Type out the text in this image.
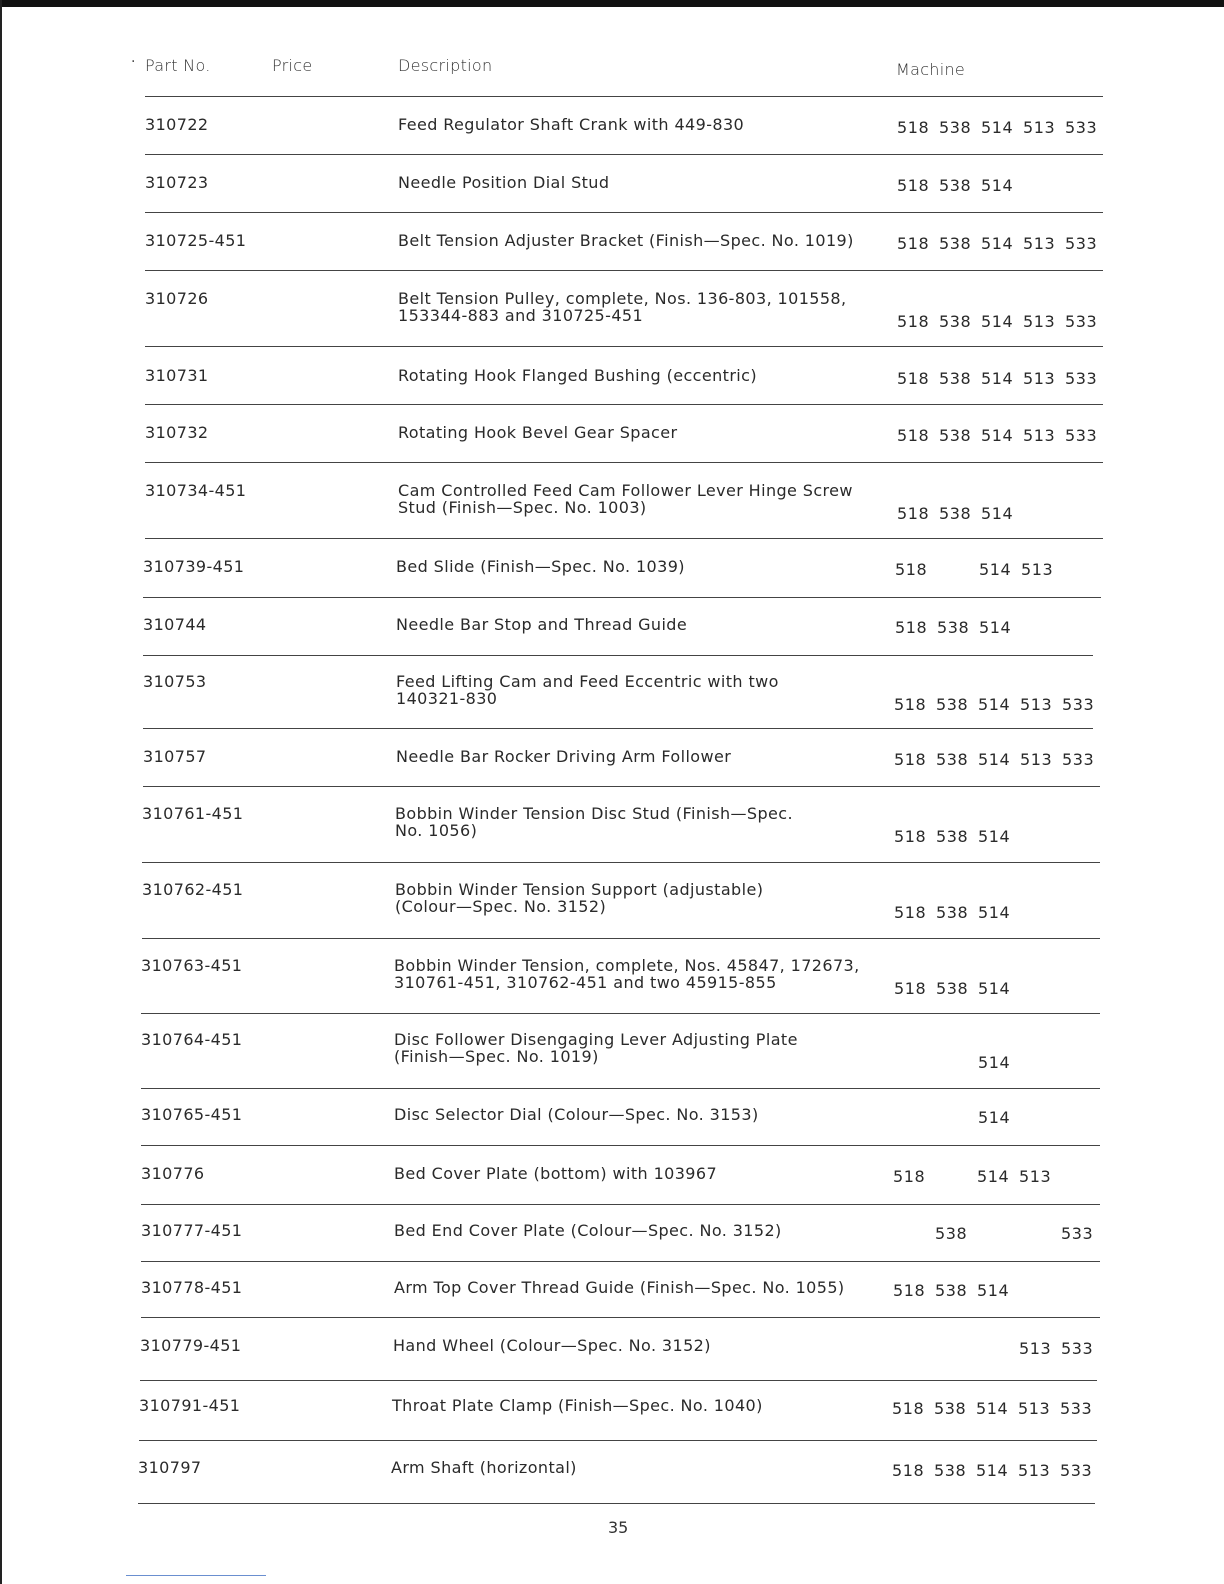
· Part No.	Price	Description	Machine
310722	Feed Regulator Shaft Crank with 449-830	518 538 514 513 533
310723	Needle Position Dial Stud	518 538 514
310725-451	Belt Tension Adjuster Bracket (Finish—Spec. No. 1019)	518 538 514 513 533
310726	Belt Tension Pulley, complete, Nos. 136-803, 101558,
153344-883 and 310725-451	518 538 514 513 533
310731	Rotating Hook Flanged Bushing (eccentric)	518 538 514 513 533
310732	Rotating Hook Bevel Gear Spacer	518 538 514 513 533
310734-451	Cam Controlled Feed Cam Follower Lever Hinge Screw
Stud (Finish—Spec. No. 1003)	518 538 514
310739-451	Bed Slide (Finish—Spec. No. 1039)	518	514 513
310744	Needle Bar Stop and Thread Guide	518 538 514
310753	Feed Lifting Cam and Feed Eccentric with two
140321-830	518 538 514 513 533
310757	Needle Bar Rocker Driving Arm Follower	518 538 514 513 533
310761-451	Bobbin Winder Tension Disc Stud (Finish—Spec.
No. 1056)	518 538 514
310762-451	Bobbin Winder Tension Support (adjustable)
(Colour—Spec. No. 3152)	518 538 514
310763-451	Bobbin Winder Tension, complete, Nos. 45847, 172673,
310761-451, 310762-451 and two 45915-855	518 538 514
310764-451	Disc Follower Disengaging Lever Adjusting Plate
(Finish—Spec. No. 1019)	514
310765-451	Disc Selector Dial (Colour—Spec. No. 3153)	514
310776	Bed Cover Plate (bottom) with 103967	518	514 513
310777-451	Bed End Cover Plate (Colour—Spec. No. 3152)	538	533
310778-451	Arm Top Cover Thread Guide (Finish—Spec. No. 1055)	518 538 514
310779-451	Hand Wheel (Colour—Spec. No. 3152)	513 533
310791-451	Throat Plate Clamp (Finish—Spec. No. 1040)	518 538 514 513 533
310797	Arm Shaft (horizontal)	518 538 514 513 533
35
